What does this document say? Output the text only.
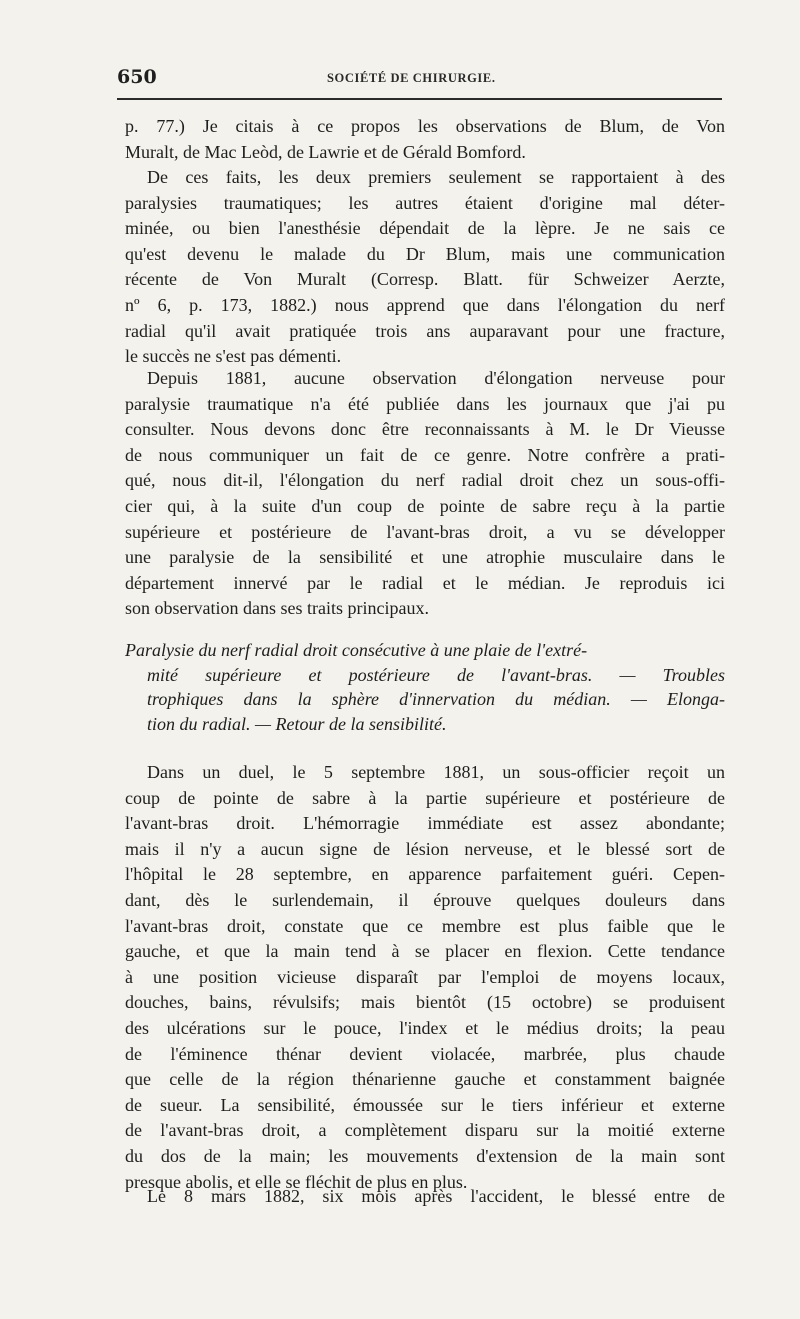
650	SOCIÉTÉ DE CHIRURGIE.
p. 77.) Je citais à ce propos les observations de Blum, de Von
Muralt, de Mac Leòd, de Lawrie et de Gérald Bomford.
De ces faits, les deux premiers seulement se rapportaient à des
paralysies traumatiques; les autres étaient d'origine mal déter-
minée, ou bien l'anesthésie dépendait de la lèpre. Je ne sais ce
qu'est devenu le malade du Dr Blum, mais une communication
récente de Von Muralt (Corresp. Blatt. für Schweizer Aerzte,
nº 6, p. 173, 1882.) nous apprend que dans l'élongation du nerf
radial qu'il avait pratiquée trois ans auparavant pour une fracture,
le succès ne s'est pas démenti.
Depuis 1881, aucune observation d'élongation nerveuse pour
paralysie traumatique n'a été publiée dans les journaux que j'ai pu
consulter. Nous devons donc être reconnaissants à M. le Dr Vieusse
de nous communiquer un fait de ce genre. Notre confrère a prati-
qué, nous dit-il, l'élongation du nerf radial droit chez un sous-offi-
cier qui, à la suite d'un coup de pointe de sabre reçu à la partie
supérieure et postérieure de l'avant-bras droit, a vu se développer
une paralysie de la sensibilité et une atrophie musculaire dans le
département innervé par le radial et le médian. Je reproduis ici
son observation dans ses traits principaux.
Paralysie du nerf radial droit consécutive à une plaie de l'extré-
mité supérieure et postérieure de l'avant-bras. — Troubles
trophiques dans la sphère d'innervation du médian. — Elonga-
tion du radial. — Retour de la sensibilité.
Dans un duel, le 5 septembre 1881, un sous-officier reçoit un
coup de pointe de sabre à la partie supérieure et postérieure de
l'avant-bras droit. L'hémorragie immédiate est assez abondante;
mais il n'y a aucun signe de lésion nerveuse, et le blessé sort de
l'hôpital le 28 septembre, en apparence parfaitement guéri. Cepen-
dant, dès le surlendemain, il éprouve quelques douleurs dans
l'avant-bras droit, constate que ce membre est plus faible que le
gauche, et que la main tend à se placer en flexion. Cette tendance
à une position vicieuse disparaît par l'emploi de moyens locaux,
douches, bains, révulsifs; mais bientôt (15 octobre) se produisent
des ulcérations sur le pouce, l'index et le médius droits; la peau
de l'éminence thénar devient violacée, marbrée, plus chaude
que celle de la région thénarienne gauche et constamment baignée
de sueur. La sensibilité, émoussée sur le tiers inférieur et externe
de l'avant-bras droit, a complètement disparu sur la moitié externe
du dos de la main; les mouvements d'extension de la main sont
presque abolis, et elle se fléchit de plus en plus.
Le 8 mars 1882, six mois après l'accident, le blessé entre de
